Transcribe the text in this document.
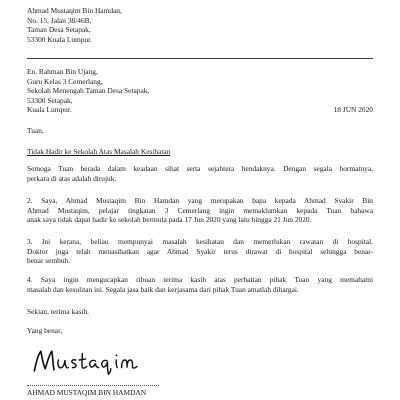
Ahmad Mustaqim Bin Hamdan,
No. 15, Jalan 38/46B,
Taman Desa Setapak,
53300 Kuala Lumpur.
En. Rahman Bin Ujang,
Guru Kelas 3 Cemerlang,
Sekolah Menengah Taman Desa Setapak,
53300 Setapak,
Kuala Lumpur.	18 JUN 2020
Tuan,
Tidak Hadir ke Sekolah Atas Masalah Kesihatan
Semoga Tuan berada dalam keadaan sihat serta sejahtera hendaknya. Dengan segala hormatnya,
perkara di atas adalah dirujuk.
2. Saya, Ahmad Mustaqim Bin Hamdan yang merupakan bapa kepada Ahmad Syakir Bin
Ahmad Mustaqim, pelajar tingkatan 3 Cemerlang ingin memaklumkan kepada Tuan bahawa
anak saya tidak dapat hadir ke sekolah bermula pada 17 Jun 2020 yang lalu hingga 21 Jun 2020.
3. Ini kerana, beliau mempunyai masalah kesihatan dan memerlukan rawatan di hospital.
Doktor juga telah menasihatkan agar Ahmad Syakir terus dirawat di hospital sehingga benar-
benar sembuh.
4. Saya ingin mengucapkan ribuan terima kasih atas perhatian pihak Tuan yang memahami
masalah dan kesulitan ini. Segala jasa baik dan kerjasama dari pihak Tuan amatlah dihargai.
Sekian, terima kasih.
Yang benar,
AHMAD MUSTAQIM BIN HAMDAN
